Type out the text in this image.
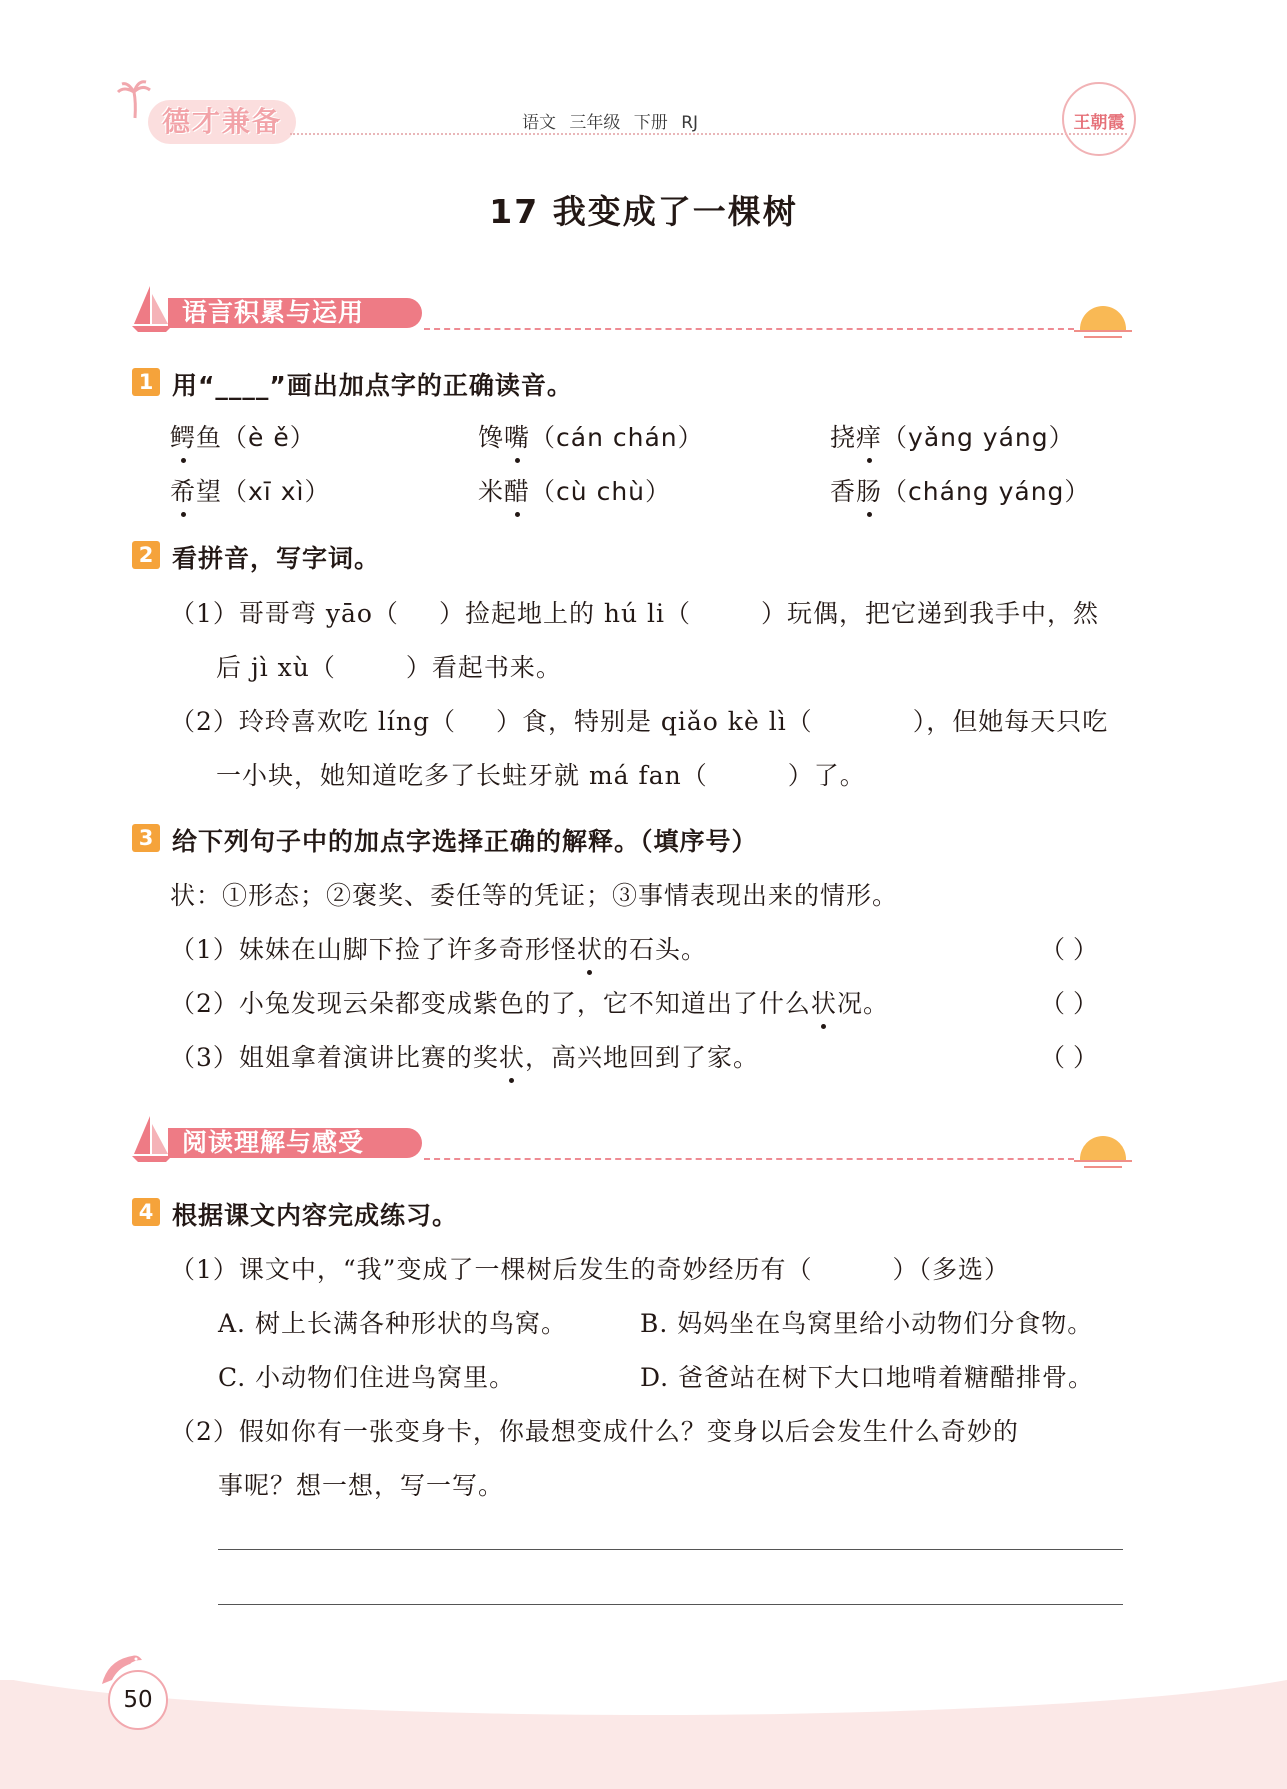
德才兼备	语文 三年级 下册 RJ	王朝霞
17 我变成了一棵树
语言积累与运用
1 用“____”画出加点字的正确读音。
鳄鱼（è ě）	馋嘴（cán chán）	挠痒（yǎng yáng）
希望（xī xì）	米醋（cù chù）	香肠（cháng yáng）
2 看拼音，写字词。
（1）哥哥弯 yāo（ ）捡起地上的 hú li（	）玩偶，把它递到我手中，然
后 jì xù（	）看起书来。
（2）玲玲喜欢吃 líng（ ）食，特别是 qiǎo kè lì（	），但她每天只吃
一小块，她知道吃多了长蛀牙就 má fan（	）了。
3 给下列句子中的加点字选择正确的解释。（填序号）
状：①形态；②褒奖、委任等的凭证；③事情表现出来的情形。
（1）妹妹在山脚下捡了许多奇形怪状的石头。	（ ）
（2）小兔发现云朵都变成紫色的了，它不知道出了什么状况。	（ ）
（3）姐姐拿着演讲比赛的奖状，高兴地回到了家。	（ ）
阅读理解与感受
4 根据课文内容完成练习。
（1）课文中，“我”变成了一棵树后发生的奇妙经历有（	）（多选）
A. 树上长满各种形状的鸟窝。	B. 妈妈坐在鸟窝里给小动物们分食物。
C. 小动物们住进鸟窝里。	D. 爸爸站在树下大口地啃着糖醋排骨。
（2）假如你有一张变身卡，你最想变成什么？变身以后会发生什么奇妙的
事呢？想一想，写一写。
50
